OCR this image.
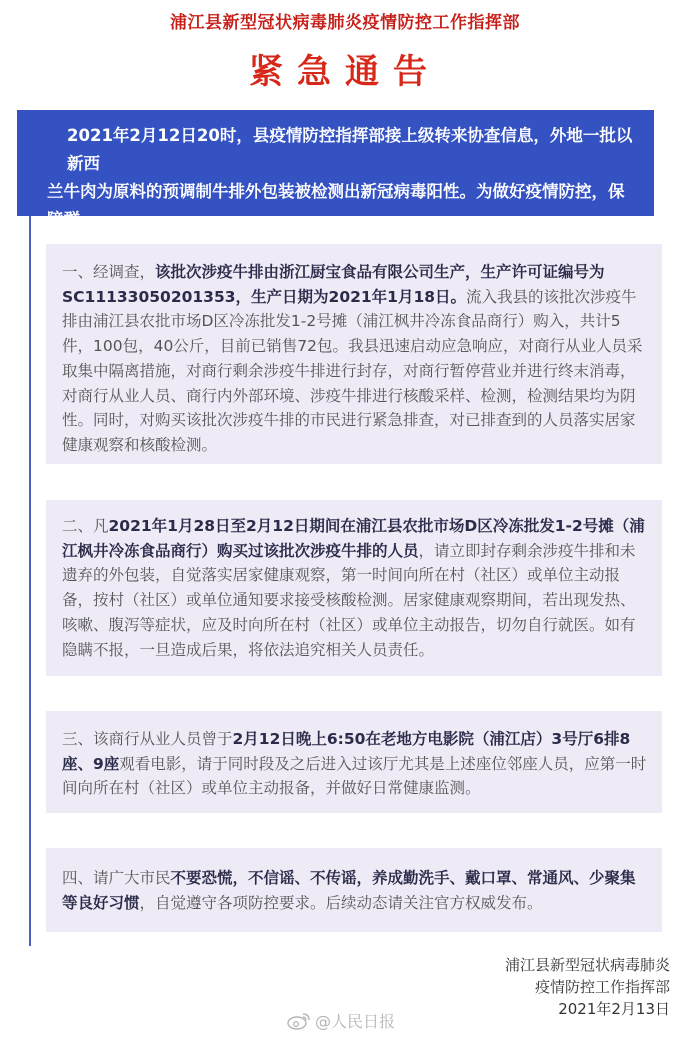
浦江县新型冠状病毒肺炎疫情防控工作指挥部
紧急通告
2021年2月12日20时，县疫情防控指挥部接上级转来协查信息，外地一批以新西
兰牛肉为原料的预调制牛排外包装被检测出新冠病毒阳性。为做好疫情防控，保障群
一、经调查，该批次涉疫牛排由浙江厨宝食品有限公司生产，生产许可证编号为SC11133050201353，生产日期为2021年1月18日。流入我县的该批次涉疫牛排由浦江县农批市场D区冷冻批发1-2号摊（浦江枫井冷冻食品商行）购入，共计5件，100包，40公斤，目前已销售72包。我县迅速启动应急响应，对商行从业人员采取集中隔离措施，对商行剩余涉疫牛排进行封存，对商行暂停营业并进行终末消毒，对商行从业人员、商行内外部环境、涉疫牛排进行核酸采样、检测，检测结果均为阴性。同时，对购买该批次涉疫牛排的市民进行紧急排查，对已排查到的人员落实居家健康观察和核酸检测。
二、凡2021年1月28日至2月12日期间在浦江县农批市场D区冷冻批发1-2号摊（浦江枫井冷冻食品商行）购买过该批次涉疫牛排的人员，请立即封存剩余涉疫牛排和未遗弃的外包装，自觉落实居家健康观察，第一时间向所在村（社区）或单位主动报备，按村（社区）或单位通知要求接受核酸检测。居家健康观察期间，若出现发热、咳嗽、腹泻等症状，应及时向所在村（社区）或单位主动报告，切勿自行就医。如有隐瞒不报，一旦造成后果，将依法追究相关人员责任。
三、该商行从业人员曾于2月12日晚上6:50在老地方电影院（浦江店）3号厅6排8座、9座观看电影，请于同时段及之后进入过该厅尤其是上述座位邻座人员，应第一时间向所在村（社区）或单位主动报备，并做好日常健康监测。
四、请广大市民不要恐慌，不信谣、不传谣，养成勤洗手、戴口罩、常通风、少聚集等良好习惯，自觉遵守各项防控要求。后续动态请关注官方权威发布。
浦江县新型冠状病毒肺炎
疫情防控工作指挥部
2021年2月13日
@人民日报
